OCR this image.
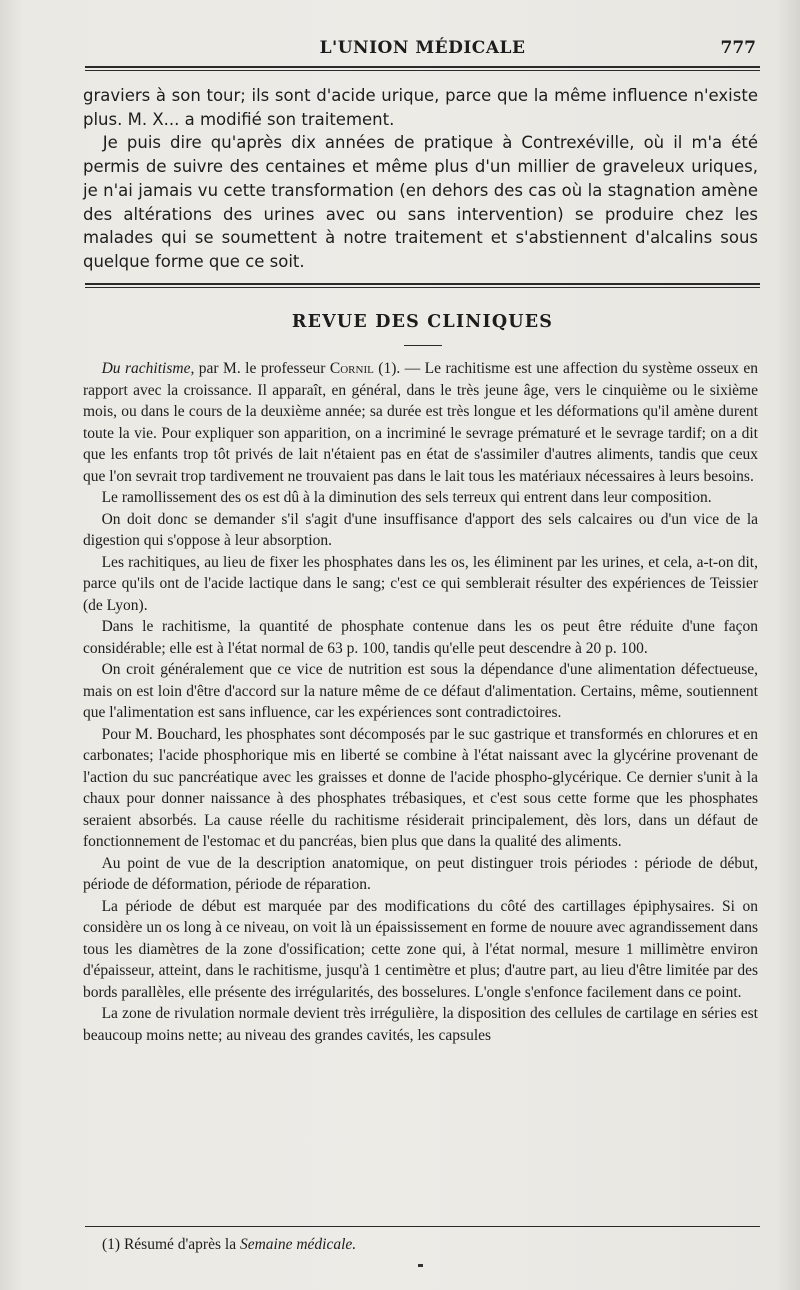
L'UNION MÉDICALE	777

graviers à son tour; ils sont d'acide urique, parce que la même influence n'existe plus. M. X... a modifié son traitement.

Je puis dire qu'après dix années de pratique à Contrexéville, où il m'a été permis de suivre des centaines et même plus d'un millier de graveleux uriques, je n'ai jamais vu cette transformation (en dehors des cas où la stagnation amène des altérations des urines avec ou sans intervention) se produire chez les malades qui se soumettent à notre traitement et s'abstiennent d'alcalins sous quelque forme que ce soit.

REVUE DES CLINIQUES

Du rachitisme, par M. le professeur Cornil (1). — Le rachitisme est une affection du système osseux en rapport avec la croissance. Il apparaît, en général, dans le très jeune âge, vers le cinquième ou le sixième mois, ou dans le cours de la deuxième année; sa durée est très longue et les déformations qu'il amène durent toute la vie. Pour expliquer son apparition, on a incriminé le sevrage prématuré et le sevrage tardif; on a dit que les enfants trop tôt privés de lait n'étaient pas en état de s'assimiler d'autres aliments, tandis que ceux que l'on sevrait trop tardivement ne trouvaient pas dans le lait tous les matériaux nécessaires à leurs besoins.

Le ramollissement des os est dû à la diminution des sels terreux qui entrent dans leur composition.

On doit donc se demander s'il s'agit d'une insuffisance d'apport des sels calcaires ou d'un vice de la digestion qui s'oppose à leur absorption.

Les rachitiques, au lieu de fixer les phosphates dans les os, les éliminent par les urines, et cela, a-t-on dit, parce qu'ils ont de l'acide lactique dans le sang; c'est ce qui semblerait résulter des expériences de Teissier (de Lyon).

Dans le rachitisme, la quantité de phosphate contenue dans les os peut être réduite d'une façon considérable; elle est à l'état normal de 63 p. 100, tandis qu'elle peut descendre à 20 p. 100.

On croit généralement que ce vice de nutrition est sous la dépendance d'une alimentation défectueuse, mais on est loin d'être d'accord sur la nature même de ce défaut d'alimentation. Certains, même, soutiennent que l'alimentation est sans influence, car les expériences sont contradictoires.

Pour M. Bouchard, les phosphates sont décomposés par le suc gastrique et transformés en chlorures et en carbonates; l'acide phosphorique mis en liberté se combine à l'état naissant avec la glycérine provenant de l'action du suc pancréatique avec les graisses et donne de l'acide phospho-glycérique. Ce dernier s'unit à la chaux pour donner naissance à des phosphates trébasiques, et c'est sous cette forme que les phosphates seraient absorbés. La cause réelle du rachitisme résiderait principalement, dès lors, dans un défaut de fonctionnement de l'estomac et du pancréas, bien plus que dans la qualité des aliments.

Au point de vue de la description anatomique, on peut distinguer trois périodes : période de début, période de déformation, période de réparation.

La période de début est marquée par des modifications du côté des cartillages épiphysaires. Si on considère un os long à ce niveau, on voit là un épaississement en forme de nouure avec agrandissement dans tous les diamètres de la zone d'ossification; cette zone qui, à l'état normal, mesure 1 millimètre environ d'épaisseur, atteint, dans le rachitisme, jusqu'à 1 centimètre et plus; d'autre part, au lieu d'être limitée par des bords parallèles, elle présente des irrégularités, des bosselures. L'ongle s'enfonce facilement dans ce point.

La zone de rivulation normale devient très irrégulière, la disposition des cellules de cartilage en séries est beaucoup moins nette; au niveau des grandes cavités, les capsules

(1) Résumé d'après la Semaine médicale.
